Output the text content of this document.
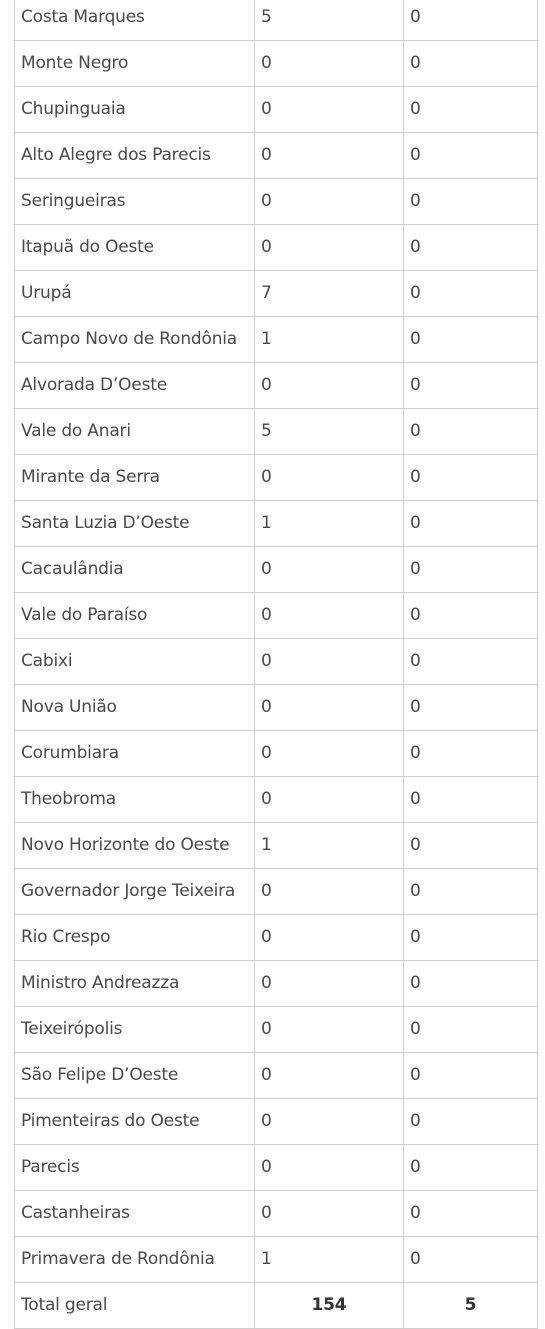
Costa Marques	5	0
Monte Negro	0	0
Chupinguaia	0	0
Alto Alegre dos Parecis	0	0
Seringueiras	0	0
Itapuã do Oeste	0	0
Urupá	7	0
Campo Novo de Rondônia	1	0
Alvorada D’Oeste	0	0
Vale do Anari	5	0
Mirante da Serra	0	0
Santa Luzia D’Oeste	1	0
Cacaulândia	0	0
Vale do Paraíso	0	0
Cabixi	0	0
Nova União	0	0
Corumbiara	0	0
Theobroma	0	0
Novo Horizonte do Oeste	1	0
Governador Jorge Teixeira	0	0
Rio Crespo	0	0
Ministro Andreazza	0	0
Teixeirópolis	0	0
São Felipe D’Oeste	0	0
Pimenteiras do Oeste	0	0
Parecis	0	0
Castanheiras	0	0
Primavera de Rondônia	1	0
Total geral	154	5
